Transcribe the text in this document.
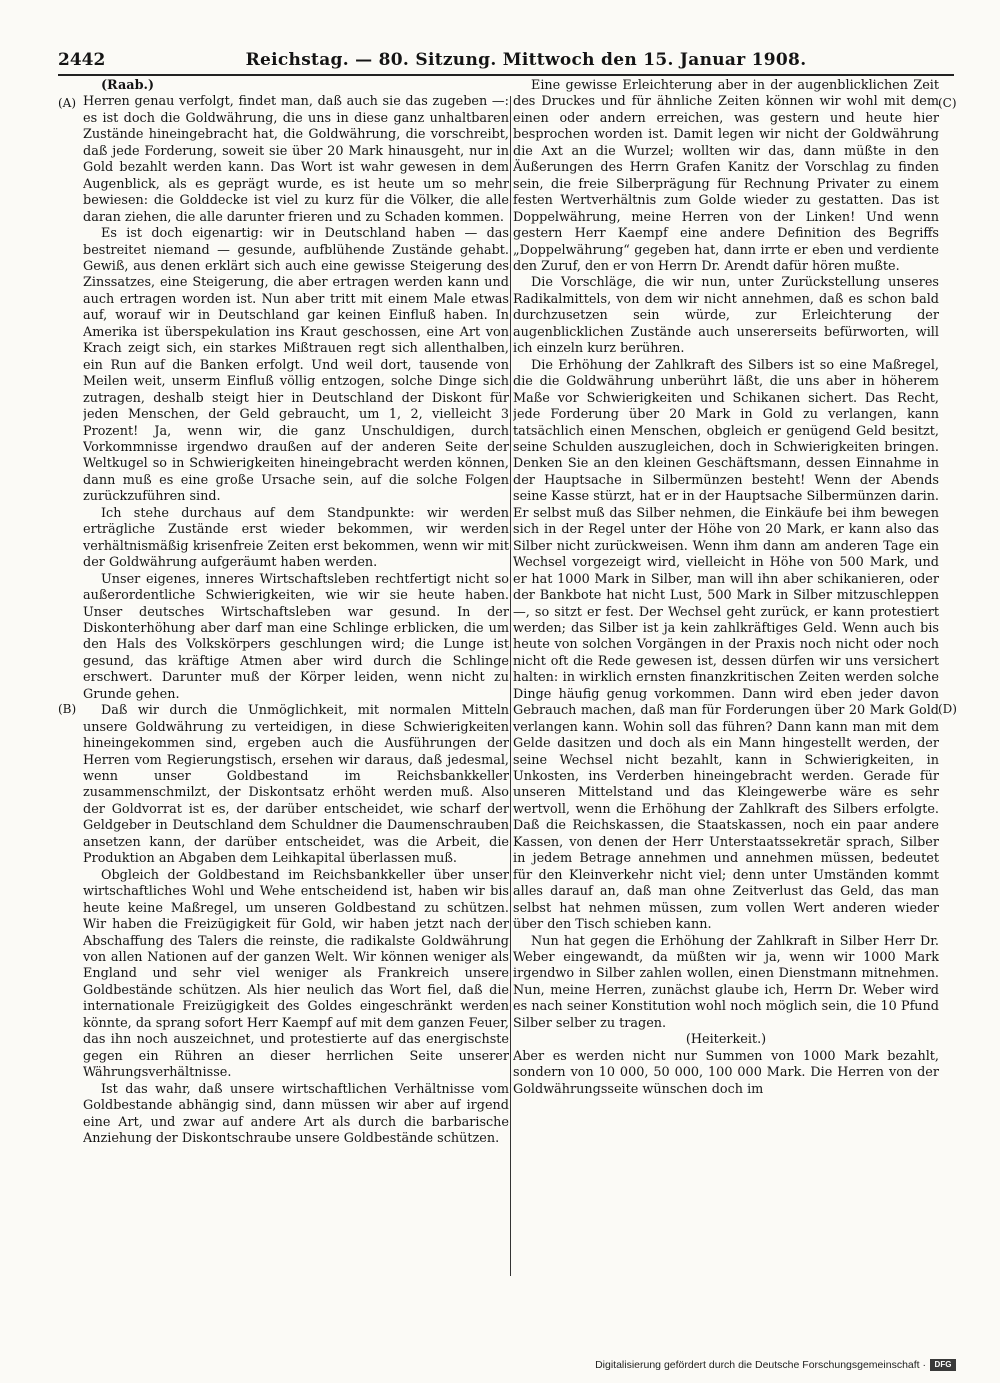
2442	Reichstag. — 80. Sitzung. Mittwoch den 15. Januar 1908.
(A)
(B)
(C)
(D)

(Raab.)

Herren genau verfolgt, findet man, daß auch sie das zugeben —: es ist doch die Goldwährung, die uns in diese ganz unhaltbaren Zustände hineingebracht hat, die Goldwährung, die vorschreibt, daß jede Forderung, soweit sie über 20 Mark hinausgeht, nur in Gold bezahlt werden kann. Das Wort ist wahr gewesen in dem Augenblick, als es geprägt wurde, es ist heute um so mehr bewiesen: die Golddecke ist viel zu kurz für die Völker, die alle daran ziehen, die alle darunter frieren und zu Schaden kommen.

Es ist doch eigenartig: wir in Deutschland haben — das bestreitet niemand — gesunde, aufblühende Zustände gehabt. Gewiß, aus denen erklärt sich auch eine gewisse Steigerung des Zinssatzes, eine Steigerung, die aber ertragen werden kann und auch ertragen worden ist. Nun aber tritt mit einem Male etwas auf, worauf wir in Deutschland gar keinen Einfluß haben. In Amerika ist überspekulation ins Kraut geschossen, eine Art von Krach zeigt sich, ein starkes Mißtrauen regt sich allenthalben, ein Run auf die Banken erfolgt. Und weil dort, tausende von Meilen weit, unserm Einfluß völlig entzogen, solche Dinge sich zutragen, deshalb steigt hier in Deutschland der Diskont für jeden Menschen, der Geld gebraucht, um 1, 2, vielleicht 3 Prozent! Ja, wenn wir, die ganz Unschuldigen, durch Vorkommnisse irgendwo draußen auf der anderen Seite der Weltkugel so in Schwierigkeiten hineingebracht werden können, dann muß es eine große Ursache sein, auf die solche Folgen zurückzuführen sind.

Ich stehe durchaus auf dem Standpunkte: wir werden erträgliche Zustände erst wieder bekommen, wir werden verhältnismäßig krisenfreie Zeiten erst bekommen, wenn wir mit der Goldwährung aufgeräumt haben werden.

Unser eigenes, inneres Wirtschaftsleben rechtfertigt nicht so außerordentliche Schwierigkeiten, wie wir sie heute haben. Unser deutsches Wirtschaftsleben war gesund. In der Diskonterhöhung aber darf man eine Schlinge erblicken, die um den Hals des Volkskörpers geschlungen wird; die Lunge ist gesund, das kräftige Atmen aber wird durch die Schlinge erschwert. Darunter muß der Körper leiden, wenn nicht zu Grunde gehen.

Daß wir durch die Unmöglichkeit, mit normalen Mitteln unsere Goldwährung zu verteidigen, in diese Schwierigkeiten hineingekommen sind, ergeben auch die Ausführungen der Herren vom Regierungstisch, ersehen wir daraus, daß jedesmal, wenn unser Goldbestand im Reichsbankkeller zusammenschmilzt, der Diskontsatz erhöht werden muß. Also der Goldvorrat ist es, der darüber entscheidet, wie scharf der Geldgeber in Deutschland dem Schuldner die Daumenschrauben ansetzen kann, der darüber entscheidet, was die Arbeit, die Produktion an Abgaben dem Leihkapital überlassen muß.

Obgleich der Goldbestand im Reichsbankkeller über unser wirtschaftliches Wohl und Wehe entscheidend ist, haben wir bis heute keine Maßregel, um unseren Goldbestand zu schützen. Wir haben die Freizügigkeit für Gold, wir haben jetzt nach der Abschaffung des Talers die reinste, die radikalste Goldwährung von allen Nationen auf der ganzen Welt. Wir können weniger als England und sehr viel weniger als Frankreich unsere Goldbestände schützen. Als hier neulich das Wort fiel, daß die internationale Freizügigkeit des Goldes eingeschränkt werden könnte, da sprang sofort Herr Kaempf auf mit dem ganzen Feuer, das ihn noch auszeichnet, und protestierte auf das energischste gegen ein Rühren an dieser herrlichen Seite unserer Währungsverhältnisse.

Ist das wahr, daß unsere wirtschaftlichen Verhältnisse vom Goldbestande abhängig sind, dann müssen wir aber auf irgend eine Art, und zwar auf andere Art als durch die barbarische Anziehung der Diskontschraube unsere Goldbestände schützen.

Eine gewisse Erleichterung aber in der augenblicklichen Zeit des Druckes und für ähnliche Zeiten können wir wohl mit dem einen oder andern erreichen, was gestern und heute hier besprochen worden ist. Damit legen wir nicht der Goldwährung die Axt an die Wurzel; wollten wir das, dann müßte in den Äußerungen des Herrn Grafen Kanitz der Vorschlag zu finden sein, die freie Silberprägung für Rechnung Privater zu einem festen Wertverhältnis zum Golde wieder zu gestatten. Das ist Doppelwährung, meine Herren von der Linken! Und wenn gestern Herr Kaempf eine andere Definition des Begriffs „Doppelwährung“ gegeben hat, dann irrte er eben und verdiente den Zuruf, den er von Herrn Dr. Arendt dafür hören mußte.

Die Vorschläge, die wir nun, unter Zurückstellung unseres Radikalmittels, von dem wir nicht annehmen, daß es schon bald durchzusetzen sein würde, zur Erleichterung der augenblicklichen Zustände auch unsererseits befürworten, will ich einzeln kurz berühren.

Die Erhöhung der Zahlkraft des Silbers ist so eine Maßregel, die die Goldwährung unberührt läßt, die uns aber in höherem Maße vor Schwierigkeiten und Schikanen sichert. Das Recht, jede Forderung über 20 Mark in Gold zu verlangen, kann tatsächlich einen Menschen, obgleich er genügend Geld besitzt, seine Schulden auszugleichen, doch in Schwierigkeiten bringen. Denken Sie an den kleinen Geschäftsmann, dessen Einnahme in der Hauptsache in Silbermünzen besteht! Wenn der Abends seine Kasse stürzt, hat er in der Hauptsache Silbermünzen darin. Er selbst muß das Silber nehmen, die Einkäufe bei ihm bewegen sich in der Regel unter der Höhe von 20 Mark, er kann also das Silber nicht zurückweisen. Wenn ihm dann am anderen Tage ein Wechsel vorgezeigt wird, vielleicht in Höhe von 500 Mark, und er hat 1000 Mark in Silber, man will ihn aber schikanieren, oder der Bankbote hat nicht Lust, 500 Mark in Silber mitzuschleppen —, so sitzt er fest. Der Wechsel geht zurück, er kann protestiert werden; das Silber ist ja kein zahlkräftiges Geld. Wenn auch bis heute von solchen Vorgängen in der Praxis noch nicht oder noch nicht oft die Rede gewesen ist, dessen dürfen wir uns versichert halten: in wirklich ernsten finanzkritischen Zeiten werden solche Dinge häufig genug vorkommen. Dann wird eben jeder davon Gebrauch machen, daß man für Forderungen über 20 Mark Gold verlangen kann. Wohin soll das führen? Dann kann man mit dem Gelde dasitzen und doch als ein Mann hingestellt werden, der seine Wechsel nicht bezahlt, kann in Schwierigkeiten, in Unkosten, ins Verderben hineingebracht werden. Gerade für unseren Mittelstand und das Kleingewerbe wäre es sehr wertvoll, wenn die Erhöhung der Zahlkraft des Silbers erfolgte. Daß die Reichskassen, die Staatskassen, noch ein paar andere Kassen, von denen der Herr Unterstaatssekretär sprach, Silber in jedem Betrage annehmen und annehmen müssen, bedeutet für den Kleinverkehr nicht viel; denn unter Umständen kommt alles darauf an, daß man ohne Zeitverlust das Geld, das man selbst hat nehmen müssen, zum vollen Wert anderen wieder über den Tisch schieben kann.

Nun hat gegen die Erhöhung der Zahlkraft in Silber Herr Dr. Weber eingewandt, da müßten wir ja, wenn wir 1000 Mark irgendwo in Silber zahlen wollen, einen Dienstmann mitnehmen. Nun, meine Herren, zunächst glaube ich, Herrn Dr. Weber wird es nach seiner Konstitution wohl noch möglich sein, die 10 Pfund Silber selber zu tragen.

(Heiterkeit.)

Aber es werden nicht nur Summen von 1000 Mark bezahlt, sondern von 10 000, 50 000, 100 000 Mark. Die Herren von der Goldwährungsseite wünschen doch im

Digitalisierung gefördert durch die Deutsche Forschungsgemeinschaft ·	DFG
